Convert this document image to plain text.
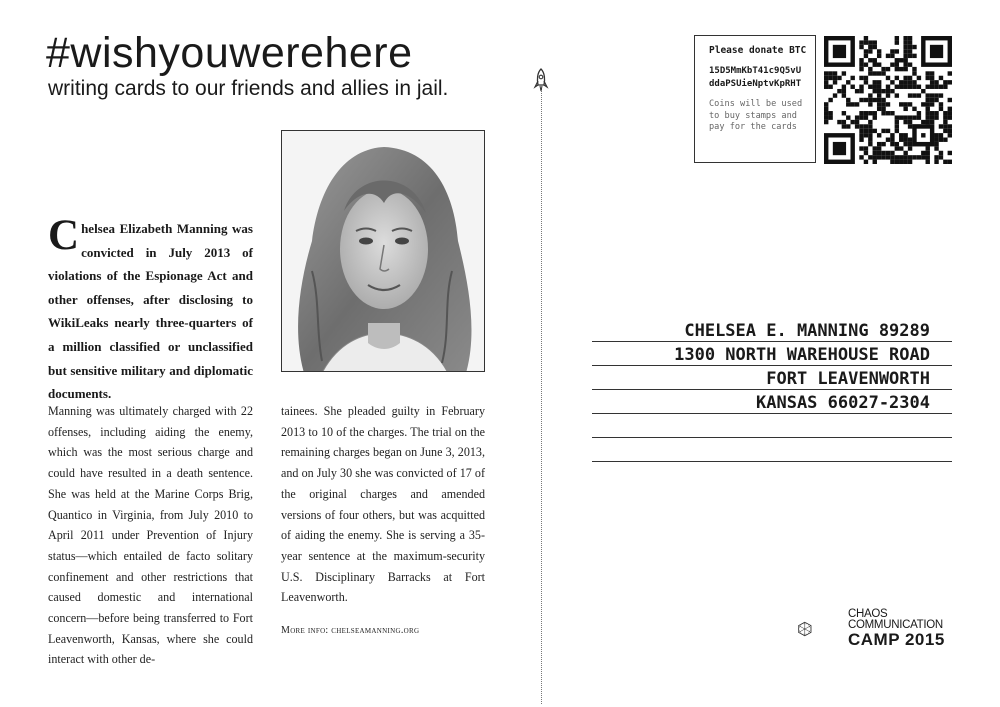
#wishyouwerehere
writing cards to our friends and allies in jail.
Chelsea Elizabeth Manning was convicted in July 2013 of violations of the Espionage Act and other offenses, after disclosing to WikiLeaks nearly three-quarters of a million classified or unclassified but sensitive military and diplomatic documents.
Manning was ultimately charged with 22 offenses, including aiding the enemy, which was the most serious charge and could have resulted in a death sentence. She was held at the Marine Corps Brig, Quantico in Virginia, from July 2010 to April 2011 under Prevention of Injury status—which entailed de facto solitary confinement and other restrictions that caused domestic and international concern—before being transferred to Fort Leavenworth, Kansas, where she could interact with other de-
tainees. She pleaded guilty in February 2013 to 10 of the charges. The trial on the remaining charges began on June 3, 2013, and on July 30 she was convicted of 17 of the original charges and amended versions of four others, but was acquitted of aiding the enemy. She is serving a 35-year sentence at the maximum-security U.S. Disciplinary Barracks at Fort Leavenworth.
More info: chelseamanning.org
Please donate BTC
15D5MmKbT41c9Q5vU
ddaPSUieNptvKpRHT
Coins will be used to buy stamps and pay for the cards
CHELSEA E. MANNING 89289
1300 NORTH WAREHOUSE ROAD
FORT LEAVENWORTH
KANSAS 66027-2304
CHAOS
COMMUNICATION
CAMP 2015
